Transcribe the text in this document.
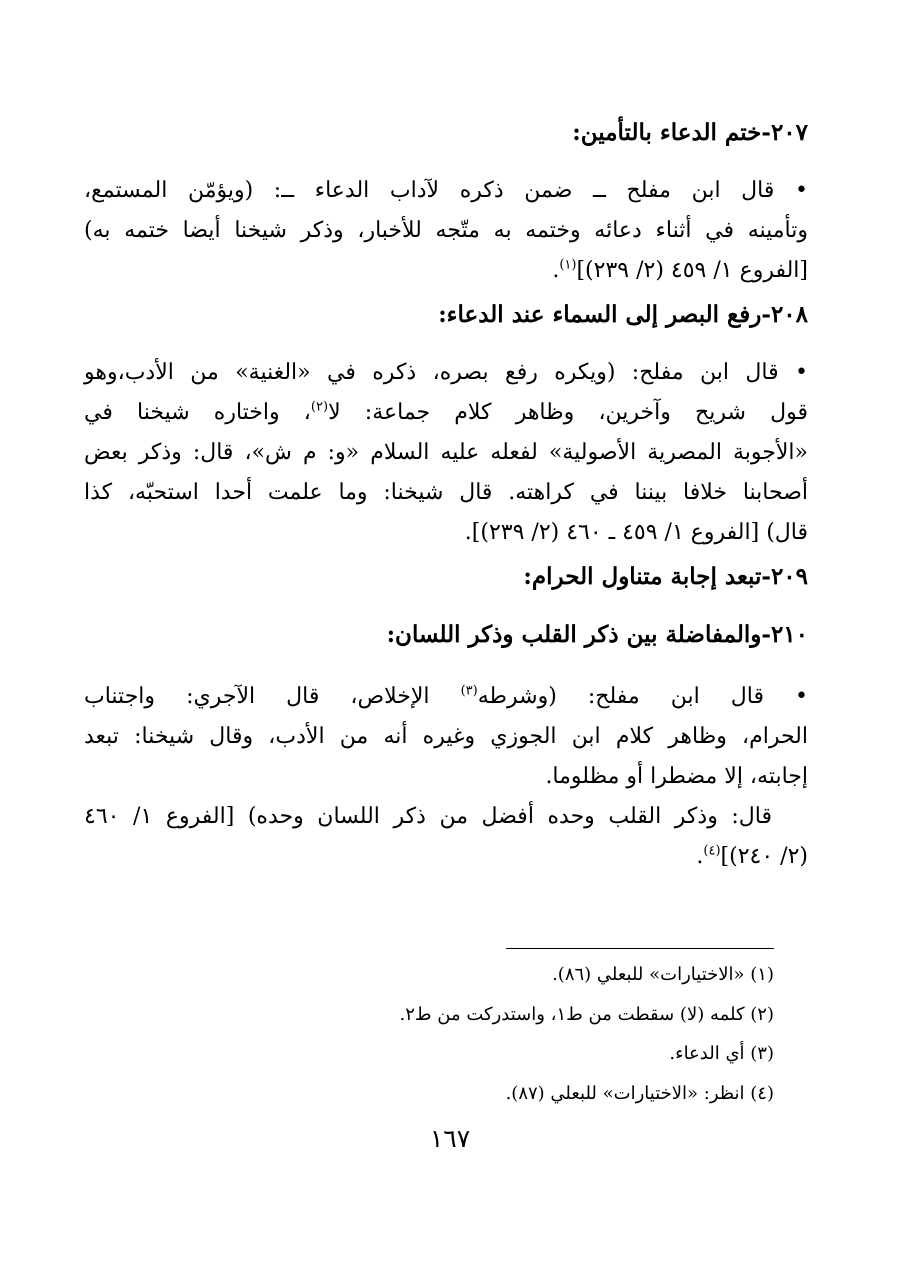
٢٠٧-ختم الدعاء بالتأمين:
• قال ابن مفلح ــ ضمن ذكره لآداب الدعاء ــ: (ويؤمّن المستمع،
وتأمينه في أثناء دعائه وختمه به متّجه للأخبار، وذكر شيخنا أيضا ختمه به)
[الفروع ١/ ٤٥٩ (٢/ ٢٣٩)]$^{(١)}$.
٢٠٨-رفع البصر إلى السماء عند الدعاء:
• قال ابن مفلح: (ويكره رفع بصره، ذكره في «الغنية» من الأدب،وهو
قول شريح وآخرين، وظاهر كلام جماعة: لا$^{(٢)}$، واختاره شيخنا في
«الأجوبة المصرية الأصولية» لفعله عليه السلام «و: م ش»، قال: وذكر بعض
أصحابنا خلافا بيننا في كراهته. قال شيخنا: وما علمت أحدا استحبّه، كذا
قال) [الفروع ١/ ٤٥٩ ـ ٤٦٠ (٢/ ٢٣٩)].
٢٠٩-تبعد إجابة متناول الحرام:
٢١٠-والمفاضلة بين ذكر القلب وذكر اللسان:
• قال ابن مفلح: (وشرطه$^{(٣)}$ الإخلاص، قال الآجري: واجتناب
الحرام، وظاهر كلام ابن الجوزي وغيره أنه من الأدب، وقال شيخنا: تبعد
إجابته، إلا مضطرا أو مظلوما.
قال: وذكر القلب وحده أفضل من ذكر اللسان وحده) [الفروع ١/ ٤٦٠
(٢/ ٢٤٠)]$^{(٤)}$.
(١) «الاختيارات» للبعلي (٨٦).
(٢) كلمه (لا) سقطت من ط١، واستدركت من ط٢.
(٣) أي الدعاء.
(٤) انظر: «الاختيارات» للبعلي (٨٧).
١٦٧
